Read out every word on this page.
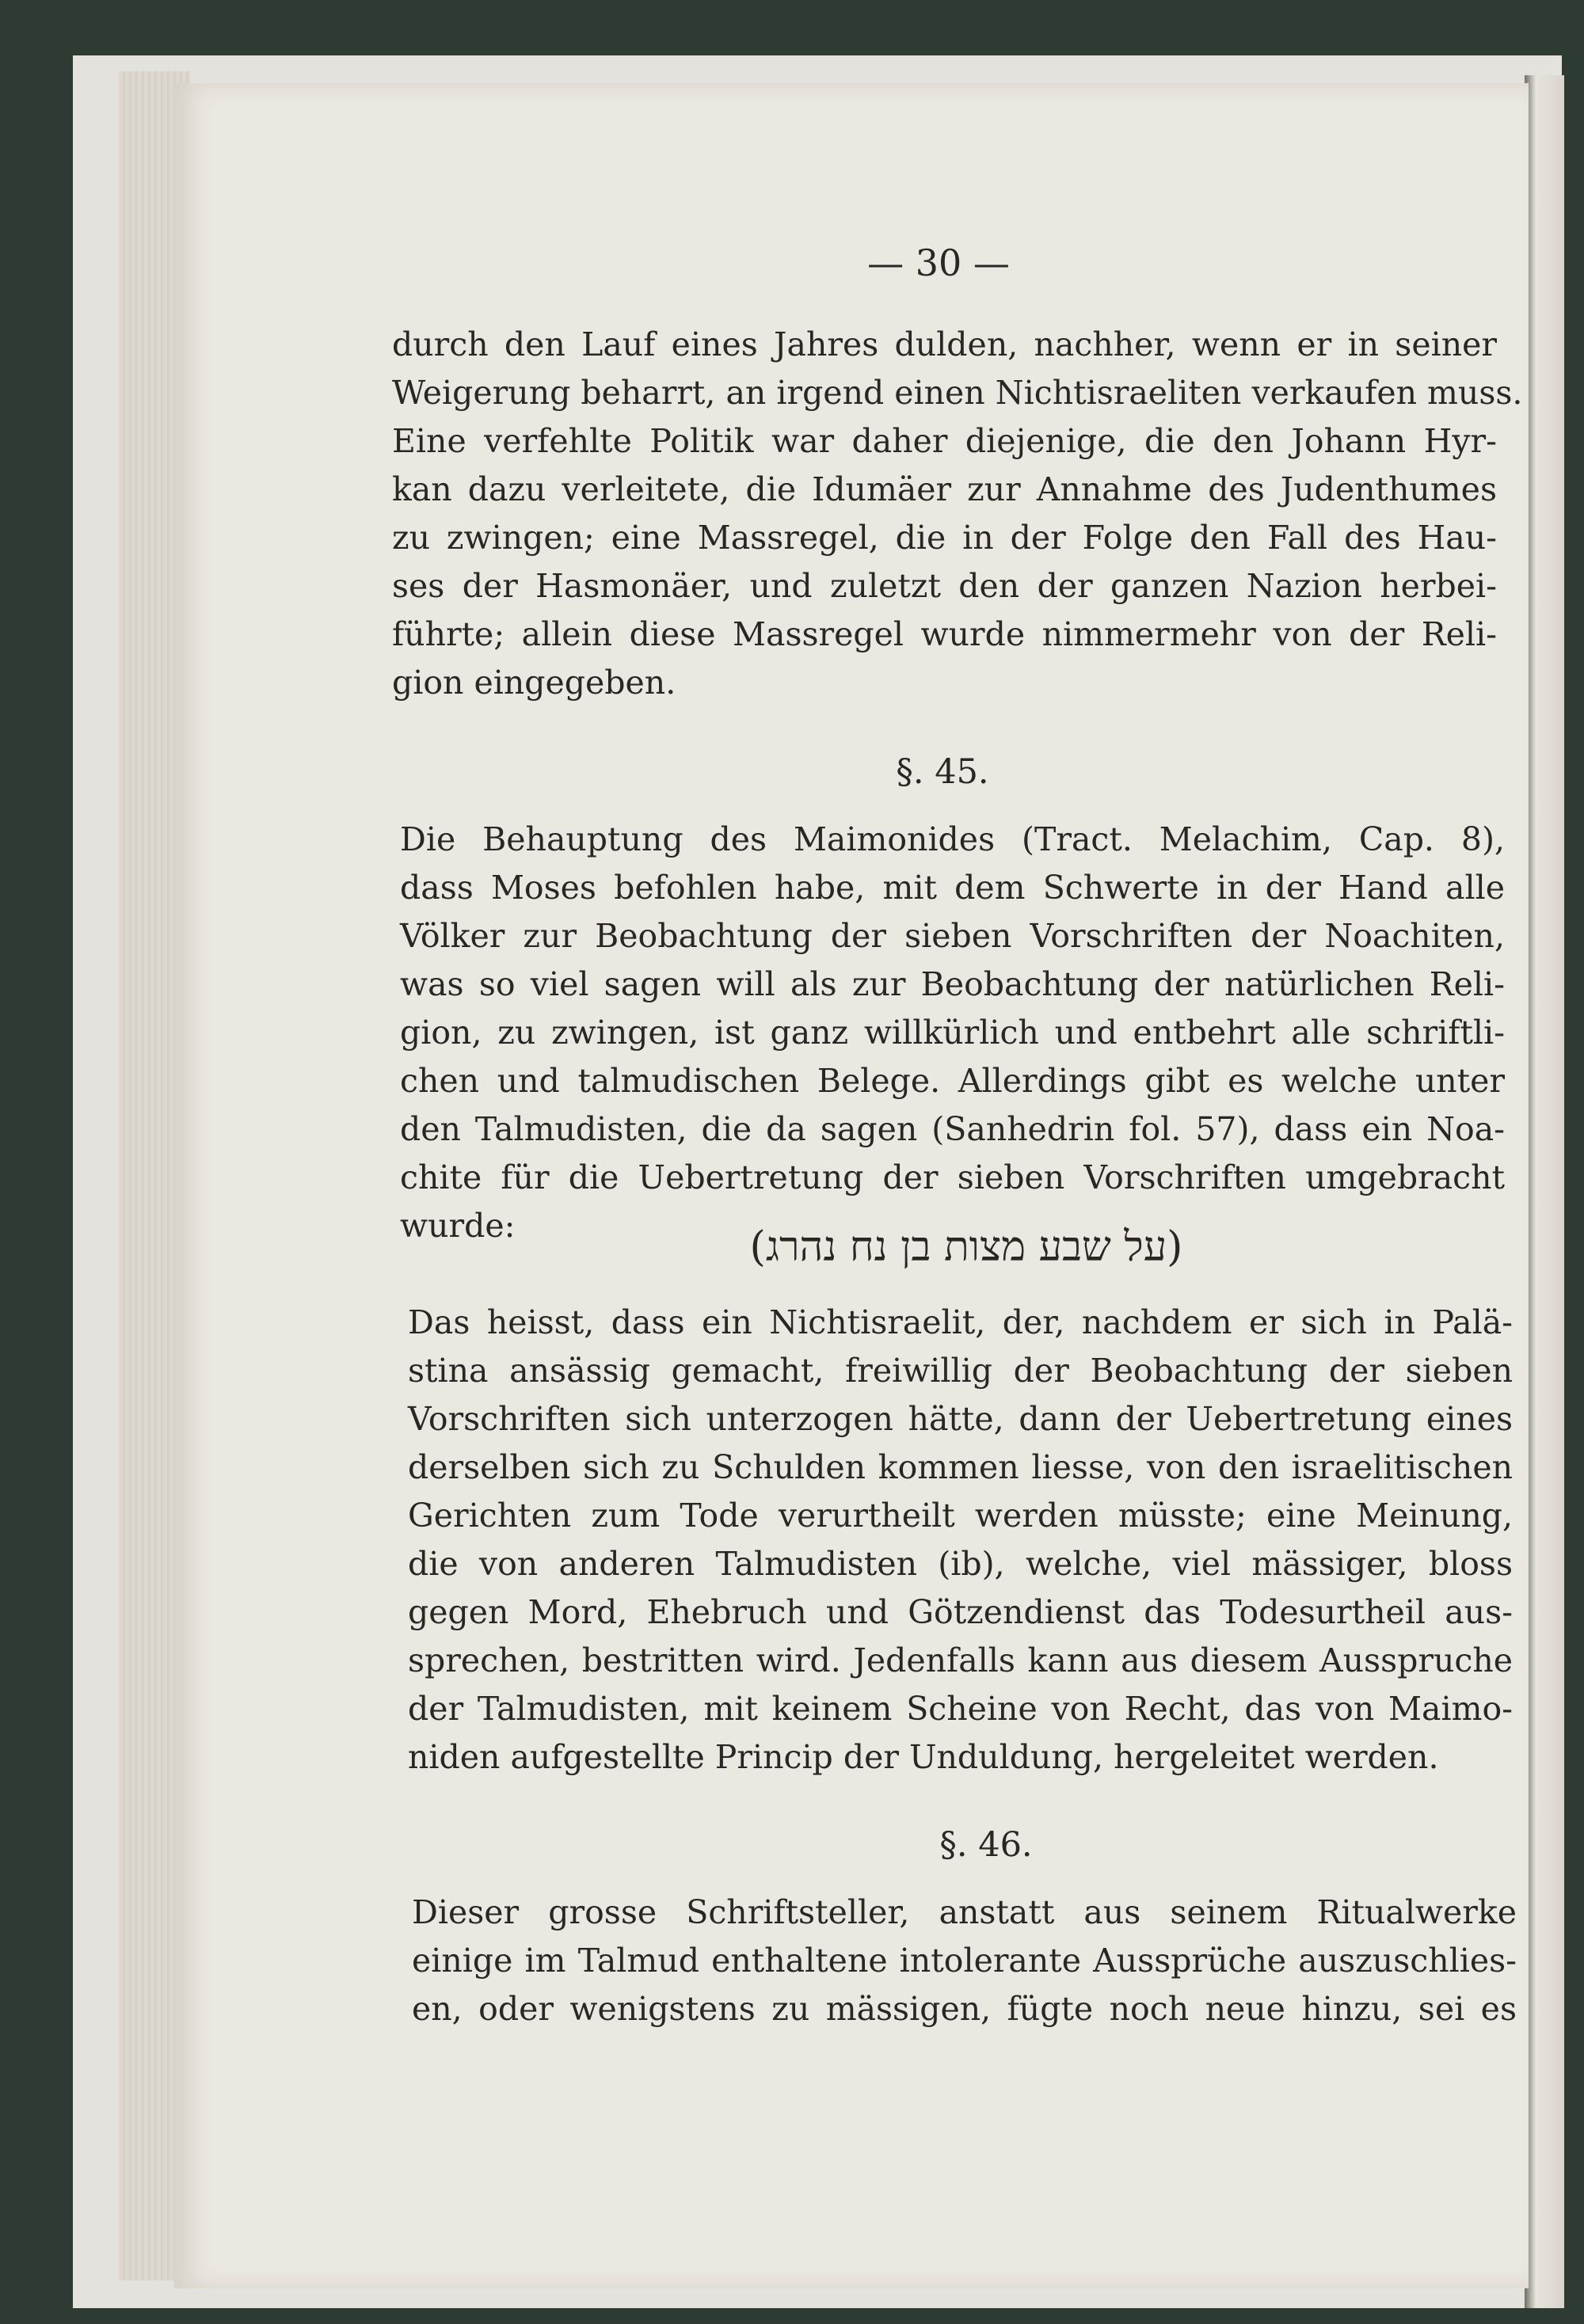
— 30 —
durch den Lauf eines Jahres dulden, nachher, wenn er in seiner
Weigerung beharrt, an irgend einen Nichtisraeliten verkaufen muss.
Eine verfehlte Politik war daher diejenige, die den Johann Hyr-
kan dazu verleitete, die Idumäer zur Annahme des Judenthumes
zu zwingen; eine Massregel, die in der Folge den Fall des Hau-
ses der Hasmonäer, und zuletzt den der ganzen Nazion herbei-
führte; allein diese Massregel wurde nimmermehr von der Reli-
gion eingegeben.
§. 45.
Die Behauptung des Maimonides (Tract. Melachim, Cap. 8),
dass Moses befohlen habe, mit dem Schwerte in der Hand alle
Völker zur Beobachtung der sieben Vorschriften der Noachiten,
was so viel sagen will als zur Beobachtung der natürlichen Reli-
gion, zu zwingen, ist ganz willkürlich und entbehrt alle schriftli-
chen und talmudischen Belege. Allerdings gibt es welche unter
den Talmudisten, die da sagen (Sanhedrin fol. 57), dass ein Noa-
chite für die Uebertretung der sieben Vorschriften umgebracht
wurde:	(על שבע מצות בן נח נהרג)
Das heisst, dass ein Nichtisraelit, der, nachdem er sich in Palä-
stina ansässig gemacht, freiwillig der Beobachtung der sieben
Vorschriften sich unterzogen hätte, dann der Uebertretung eines
derselben sich zu Schulden kommen liesse, von den israelitischen
Gerichten zum Tode verurtheilt werden müsste; eine Meinung,
die von anderen Talmudisten (ib), welche, viel mässiger, bloss
gegen Mord, Ehebruch und Götzendienst das Todesurtheil aus-
sprechen, bestritten wird. Jedenfalls kann aus diesem Ausspruche
der Talmudisten, mit keinem Scheine von Recht, das von Maimo-
niden aufgestellte Princip der Unduldung, hergeleitet werden.
§. 46.
Dieser grosse Schriftsteller, anstatt aus seinem Ritualwerke
einige im Talmud enthaltene intolerante Aussprüche auszuschlies-
en, oder wenigstens zu mässigen, fügte noch neue hinzu, sei es
